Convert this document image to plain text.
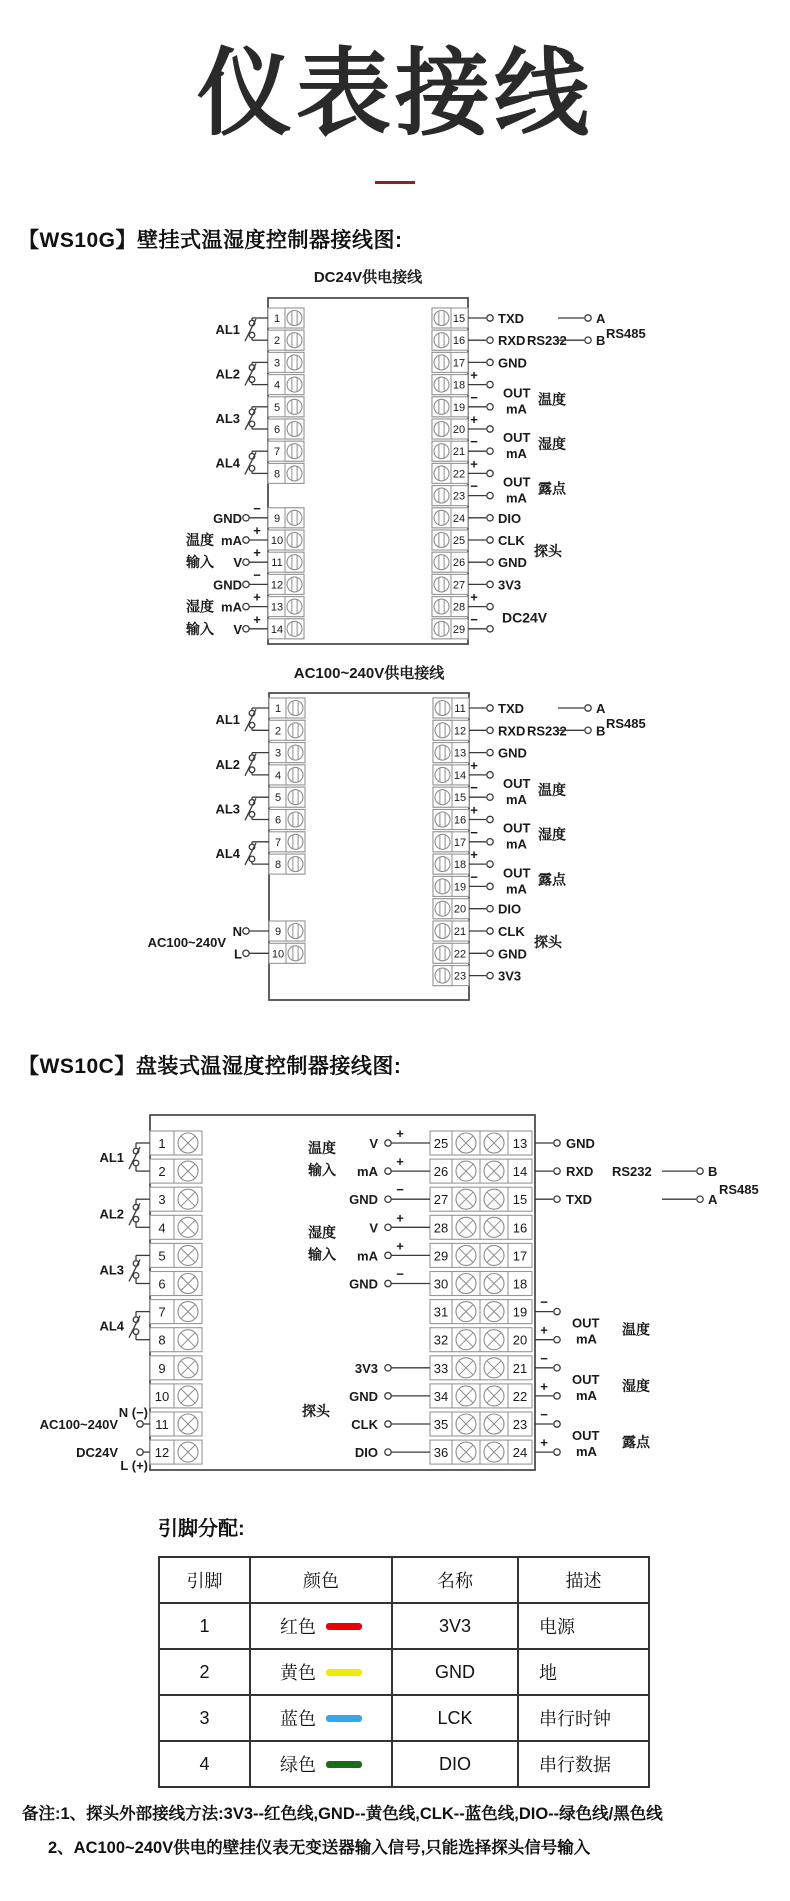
仪表接线
【WS10G】壁挂式温湿度控制器接线图:
DC24V供电接线
1
2
AL1
3
4
AL2
5
6
AL3
7
8
AL4
9
−
GND
10
+
mA
11
+
V
12
−
GND
13
+
mA
14
+
V
温度
输入
湿度
输入
15	TXD
16	RXD RS232
17	GND
18
+
19
−
20
+
21
−
22
+
23
−
24	DIO
25	CLK
26	GND
27	3V3
28
+
29
−
OUT
mA
温度
OUT
mA
湿度
OUT
mA
露点
探头
DC24V
A
B RS485
AC100~240V供电接线
1
2
AL1
3
4
AL2
5
6
AL3
7
8
AL4
9
N
10
L
AC100~240V
11 TXD
12 RXD RS232
13 GND
14
+
15
−
16
+
17
−
18
+
19
−
20 DIO
21 CLK
22 GND
23 3V3
OUT
mA
温度
OUT
mA
湿度
OUT
mA
露点
探头
A
B RS485
【WS10C】盘装式温湿度控制器接线图:
1
2
AL1
3
4
AL2
5
6
AL3
7
8
AL4
9
10
11
N (−)
AC100~240V
12
L (+)
DC24V
25	13
+
V
26	14
+
mA
27	15
−
GND
28	16
+
V
29	17
+
mA
30	18
−
GND
31	19
32	20
33	21
3V3
34	22
GND
35	23
CLK
36	24
DIO
温度
输入
湿度
输入
探头
GND
RXD RS232
TXD
−
+
−
+
−
+
OUT
mA
温度
OUT
mA
湿度
OUT
mA
露点
B
A
RS485
引脚分配:
引脚	颜色	名称	描述
1	红色	3V3	电源
2	黄色	GND	地
3	蓝色	LCK	串行时钟
4	绿色	DIO	串行数据

备注:1、探头外部接线方法:3V3--红色线,GND--黄色线,CLK--蓝色线,DIO--绿色线/黑色线

2、AC100~240V供电的壁挂仪表无变送器输入信号,只能选择探头信号输入
